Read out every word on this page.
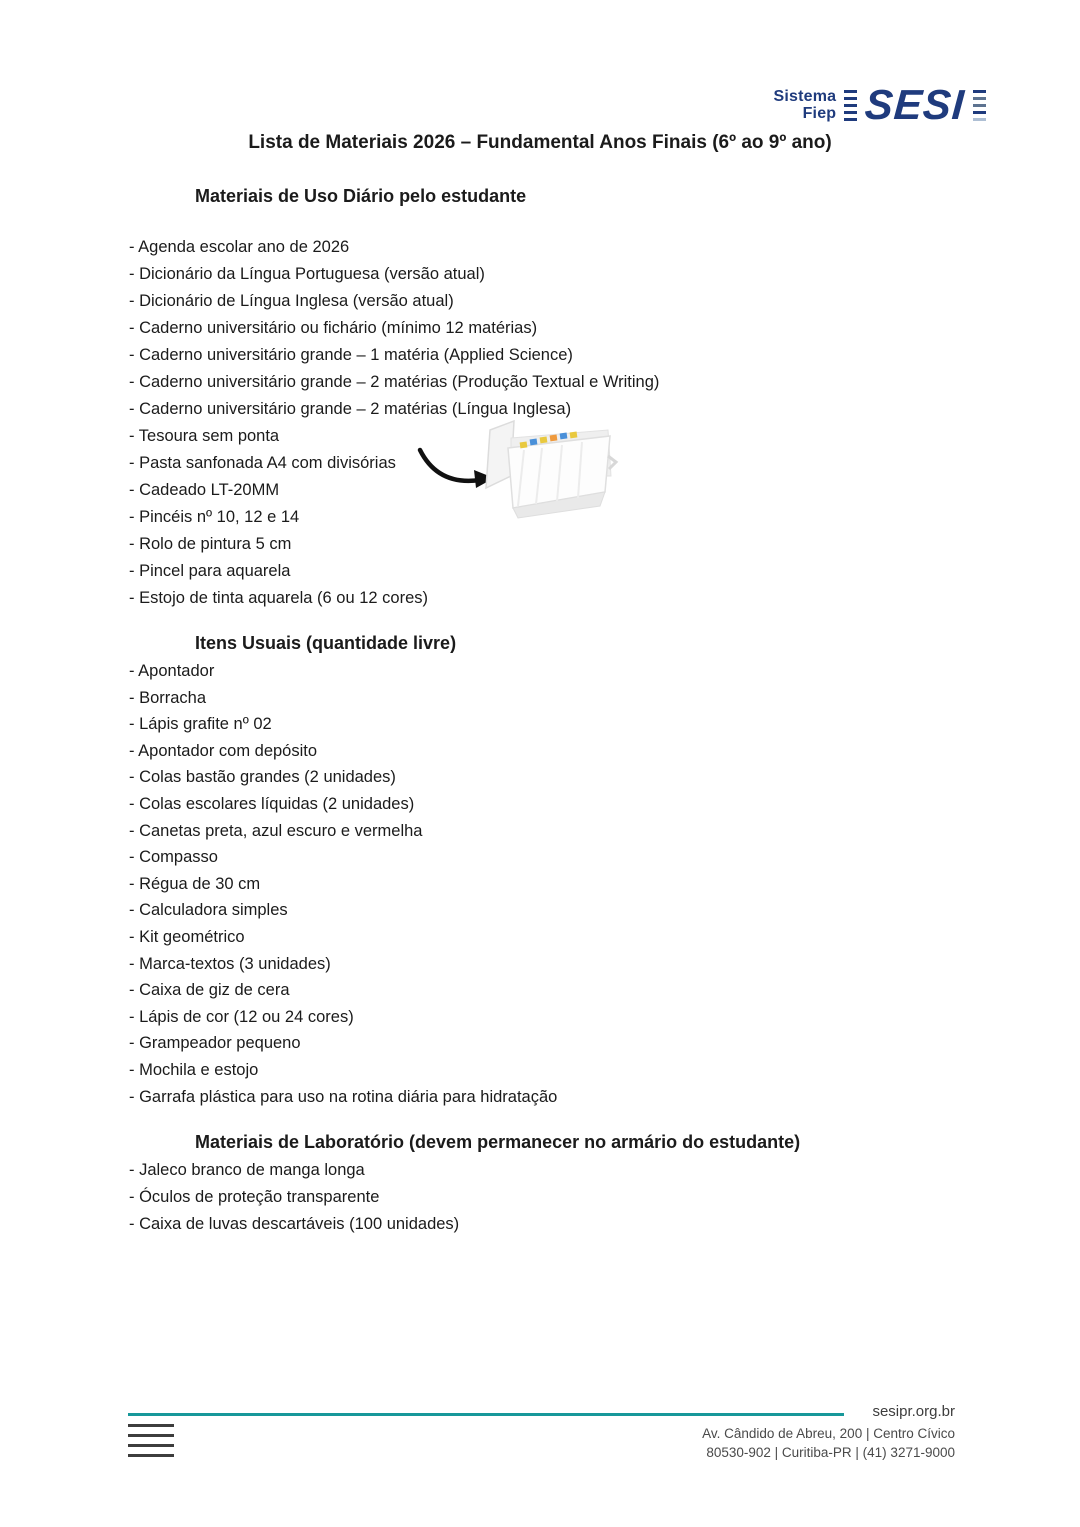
Sistema
Fiep SESI
Lista de Materiais 2026 – Fundamental Anos Finais (6º ao 9º ano)
Materiais de Uso Diário pelo estudante
- Agenda escolar ano de 2026
- Dicionário da Língua Portuguesa (versão atual)
- Dicionário de Língua Inglesa (versão atual)
- Caderno universitário ou fichário (mínimo 12 matérias)
- Caderno universitário grande – 1 matéria (Applied Science)
- Caderno universitário grande – 2 matérias (Produção Textual e Writing)
- Caderno universitário grande – 2 matérias (Língua Inglesa)
- Tesoura sem ponta
- Pasta sanfonada A4 com divisórias
- Cadeado LT-20MM
- Pincéis nº 10, 12 e 14
- Rolo de pintura 5 cm
- Pincel para aquarela
- Estojo de tinta aquarela (6 ou 12 cores)
Itens Usuais (quantidade livre)
- Apontador
- Borracha
- Lápis grafite nº 02
- Apontador com depósito
- Colas bastão grandes (2 unidades)
- Colas escolares líquidas (2 unidades)
- Canetas preta, azul escuro e vermelha
- Compasso
- Régua de 30 cm
- Calculadora simples
- Kit geométrico
- Marca-textos (3 unidades)
- Caixa de giz de cera
- Lápis de cor (12 ou 24 cores)
- Grampeador pequeno
- Mochila e estojo
- Garrafa plástica para uso na rotina diária para hidratação
Materiais de Laboratório (devem permanecer no armário do estudante)
- Jaleco branco de manga longa
- Óculos de proteção transparente
- Caixa de luvas descartáveis (100 unidades)
sesipr.org.br
Av. Cândido de Abreu, 200 | Centro Cívico
80530-902 | Curitiba-PR | (41) 3271-9000
